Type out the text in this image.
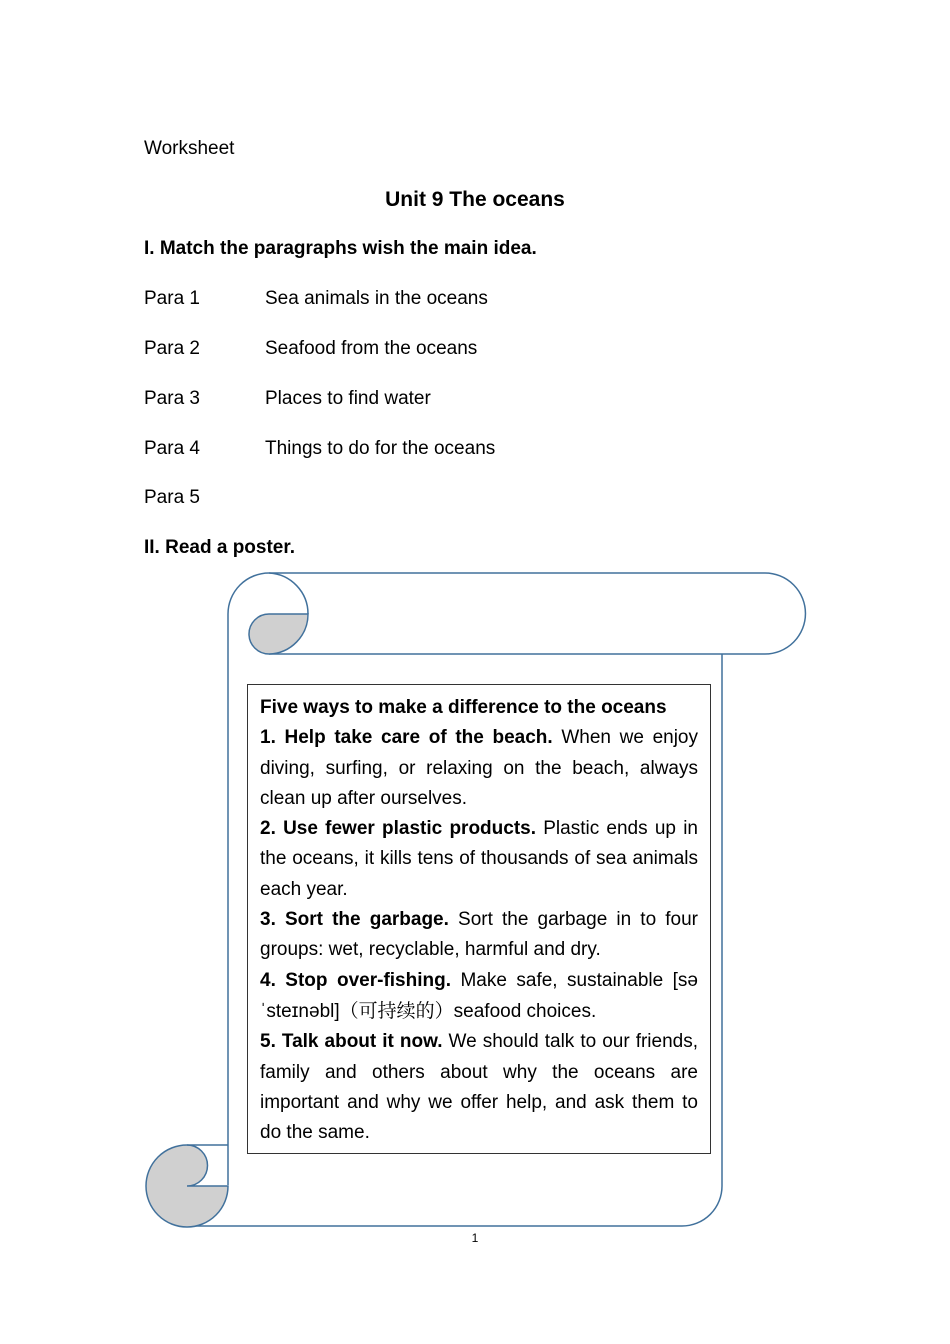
Worksheet
Unit 9 The oceans
I. Match the paragraphs wish the main idea.
Para 1	Sea animals in the oceans
Para 2	Seafood from the oceans
Para 3	Places to find water
Para 4	Things to do for the oceans
Para 5
II. Read a poster.

Five ways to make a difference to the oceans

1. Help take care of the beach. When we enjoy diving, surfing, or relaxing on the beach, always clean up after ourselves.

2. Use fewer plastic products. Plastic ends up in the oceans, it kills tens of thousands of sea animals each year.

3. Sort the garbage. Sort the garbage in to four groups: wet, recyclable, harmful and dry.

4. Stop over-fishing. Make safe, sustainable [səˈsteɪnəbl]（可持续的）seafood choices.

5. Talk about it now. We should talk to our friends, family and others about why the oceans are important and why we offer help, and ask them to do the same.

1
